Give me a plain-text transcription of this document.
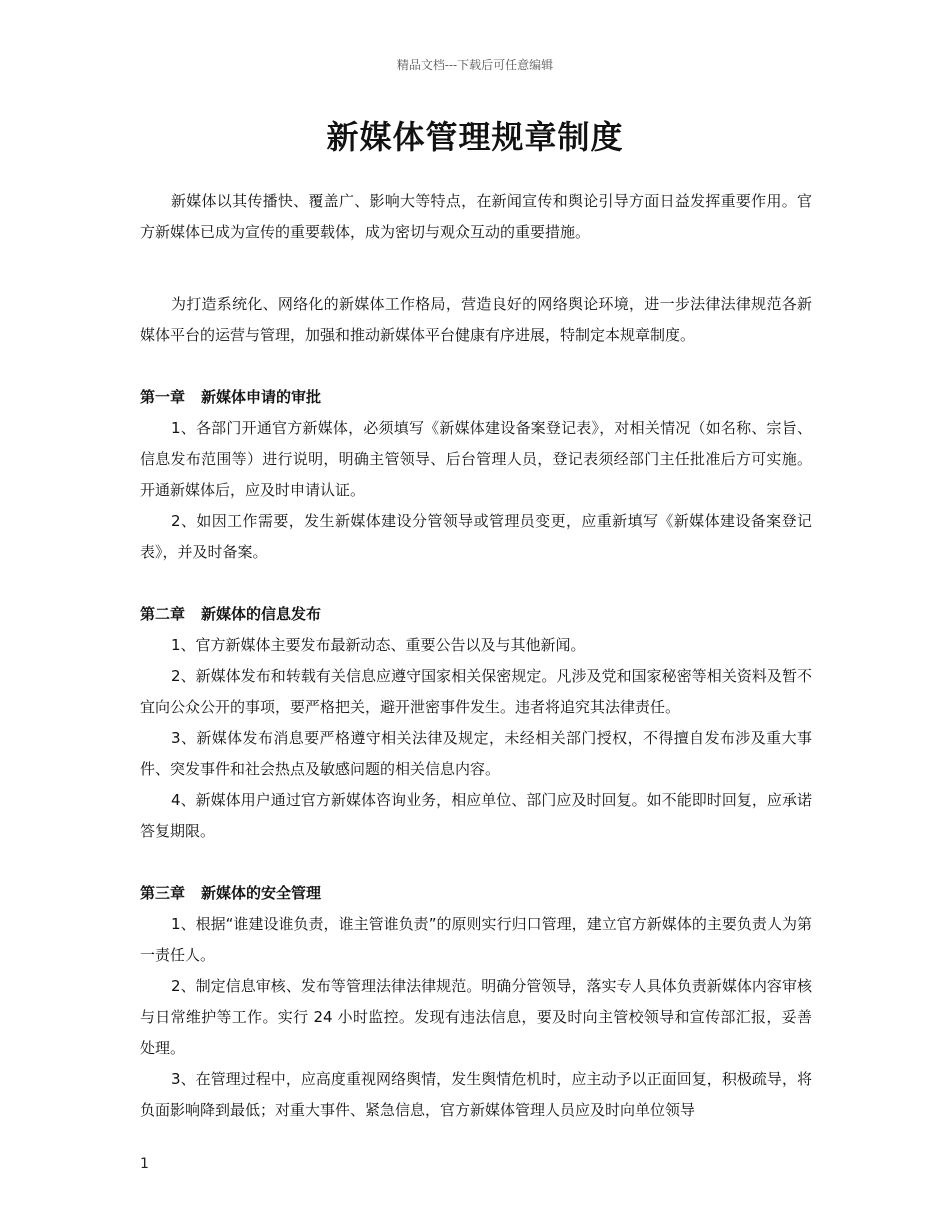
精品文档---下载后可任意编辑
新媒体管理规章制度

新媒体以其传播快、覆盖广、影响大等特点，在新闻宣传和舆论引导方面日益发挥重要作用。官方新媒体已成为宣传的重要载体，成为密切与观众互动的重要措施。

为打造系统化、网络化的新媒体工作格局，营造良好的网络舆论环境，进一步法律法律规范各新媒体平台的运营与管理，加强和推动新媒体平台健康有序进展，特制定本规章制度。

第一章 新媒体申请的审批

1、各部门开通官方新媒体，必须填写《新媒体建设备案登记表》，对相关情况（如名称、宗旨、信息发布范围等）进行说明，明确主管领导、后台管理人员，登记表须经部门主任批准后方可实施。开通新媒体后，应及时申请认证。

2、如因工作需要，发生新媒体建设分管领导或管理员变更，应重新填写《新媒体建设备案登记表》，并及时备案。

第二章 新媒体的信息发布

1、官方新媒体主要发布最新动态、重要公告以及与其他新闻。

2、新媒体发布和转载有关信息应遵守国家相关保密规定。凡涉及党和国家秘密等相关资料及暂不宜向公众公开的事项，要严格把关，避开泄密事件发生。违者将追究其法律责任。

3、新媒体发布消息要严格遵守相关法律及规定，未经相关部门授权，不得擅自发布涉及重大事件、突发事件和社会热点及敏感问题的相关信息内容。

4、新媒体用户通过官方新媒体咨询业务，相应单位、部门应及时回复。如不能即时回复，应承诺答复期限。

第三章 新媒体的安全管理

1、根据“谁建设谁负责，谁主管谁负责”的原则实行归口管理，建立官方新媒体的主要负责人为第一责任人。

2、制定信息审核、发布等管理法律法律规范。明确分管领导，落实专人具体负责新媒体内容审核与日常维护等工作。实行 24 小时监控。发现有违法信息，要及时向主管校领导和宣传部汇报，妥善处理。

3、在管理过程中，应高度重视网络舆情，发生舆情危机时，应主动予以正面回复，积极疏导，将负面影响降到最低；对重大事件、紧急信息，官方新媒体管理人员应及时向单位领导

1
